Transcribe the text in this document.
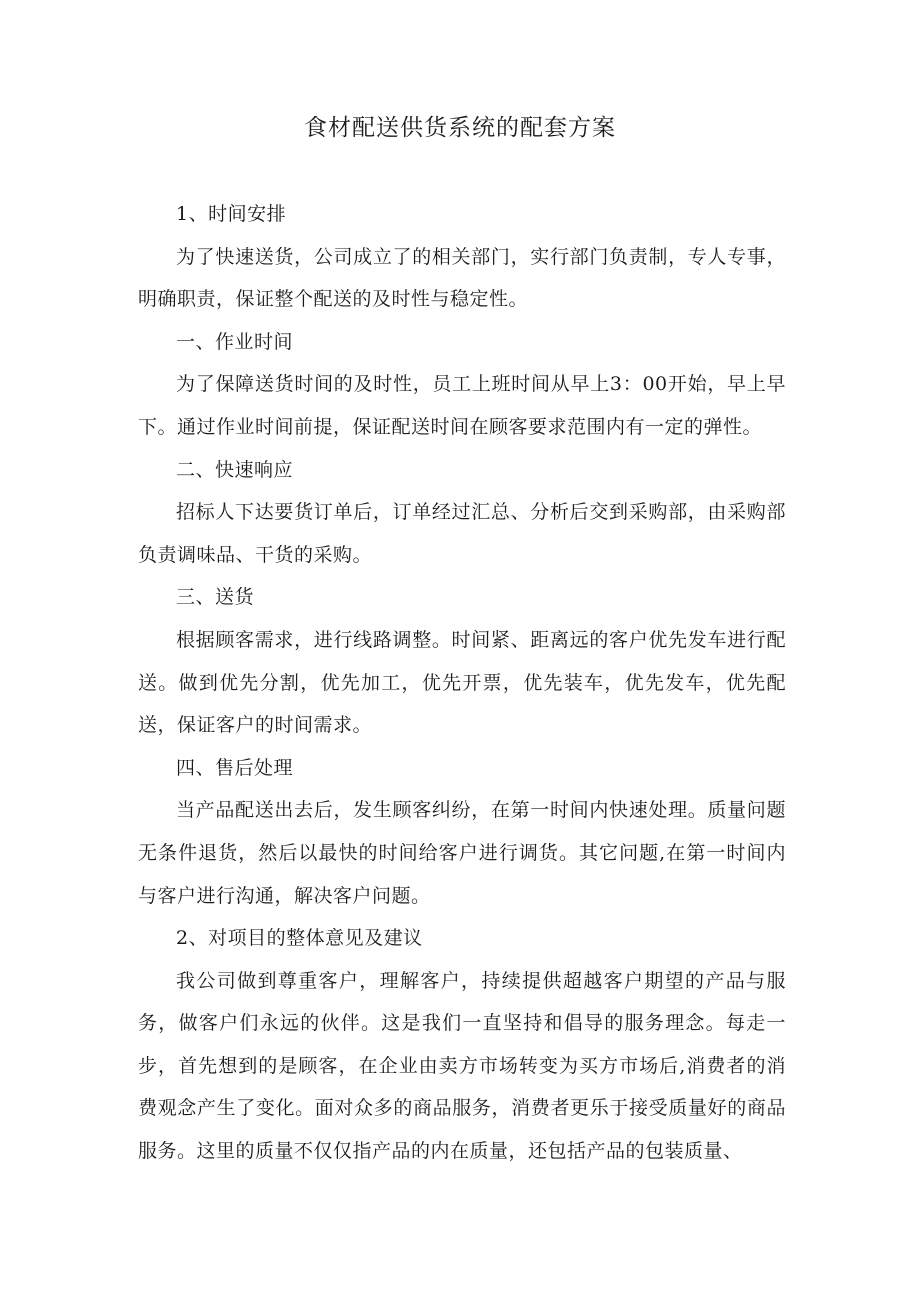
食材配送供货系统的配套方案

1、时间安排

为了快速送货，公司成立了的相关部门，实行部门负责制，专人专事，明确职责，保证整个配送的及时性与稳定性。

一、作业时间

为了保障送货时间的及时性，员工上班时间从早上3：00开始，早上早下。通过作业时间前提，保证配送时间在顾客要求范围内有一定的弹性。

二、快速响应

招标人下达要货订单后，订单经过汇总、分析后交到采购部，由采购部负责调味品、干货的采购。

三、送货

根据顾客需求，进行线路调整。时间紧、距离远的客户优先发车进行配送。做到优先分割，优先加工，优先开票，优先装车，优先发车，优先配送，保证客户的时间需求。

四、售后处理

当产品配送出去后，发生顾客纠纷，在第一时间内快速处理。质量问题无条件退货，然后以最快的时间给客户进行调货。其它问题,在第一时间内与客户进行沟通，解决客户问题。

2、对项目的整体意见及建议

我公司做到尊重客户，理解客户，持续提供超越客户期望的产品与服务，做客户们永远的伙伴。这是我们一直坚持和倡导的服务理念。每走一步，首先想到的是顾客，在企业由卖方市场转变为买方市场后,消费者的消费观念产生了变化。面对众多的商品服务，消费者更乐于接受质量好的商品服务。这里的质量不仅仅指产品的内在质量，还包括产品的包装质量、
